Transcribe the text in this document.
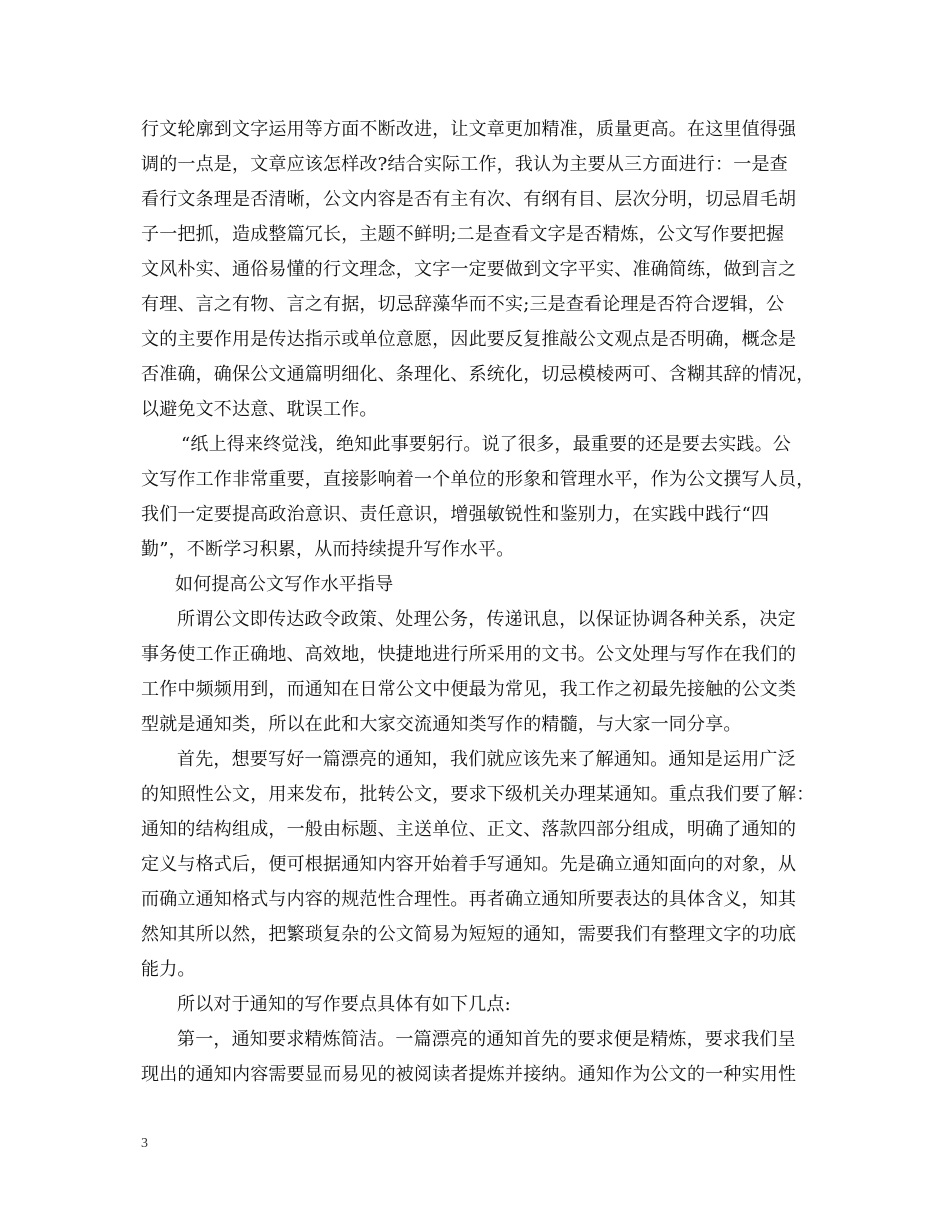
行文轮廓到文字运用等方面不断改进，让文章更加精准，质量更高。在这里值得强
调的一点是，文章应该怎样改?结合实际工作，我认为主要从三方面进行：一是查
看行文条理是否清晰，公文内容是否有主有次、有纲有目、层次分明，切忌眉毛胡
子一把抓，造成整篇冗长，主题不鲜明;二是查看文字是否精炼，公文写作要把握
文风朴实、通俗易懂的行文理念，文字一定要做到文字平实、准确简练，做到言之
有理、言之有物、言之有据，切忌辞藻华而不实;三是查看论理是否符合逻辑，公
文的主要作用是传达指示或单位意愿，因此要反复推敲公文观点是否明确，概念是
否准确，确保公文通篇明细化、条理化、系统化，切忌模棱两可、含糊其辞的情况，
以避免文不达意、耽误工作。
“纸上得来终觉浅，绝知此事要躬行。说了很多，最重要的还是要去实践。公
文写作工作非常重要，直接影响着一个单位的形象和管理水平，作为公文撰写人员，
我们一定要提高政治意识、责任意识，增强敏锐性和鉴别力，在实践中践行“四
勤”，不断学习积累，从而持续提升写作水平。
如何提高公文写作水平指导
所谓公文即传达政令政策、处理公务，传递讯息，以保证协调各种关系，决定
事务使工作正确地、高效地，快捷地进行所采用的文书。公文处理与写作在我们的
工作中频频用到，而通知在日常公文中便最为常见，我工作之初最先接触的公文类
型就是通知类，所以在此和大家交流通知类写作的精髓，与大家一同分享。
首先，想要写好一篇漂亮的通知，我们就应该先来了解通知。通知是运用广泛
的知照性公文，用来发布，批转公文，要求下级机关办理某通知。重点我们要了解：
通知的结构组成，一般由标题、主送单位、正文、落款四部分组成，明确了通知的
定义与格式后，便可根据通知内容开始着手写通知。先是确立通知面向的对象，从
而确立通知格式与内容的规范性合理性。再者确立通知所要表达的具体含义，知其
然知其所以然，把繁琐复杂的公文简易为短短的通知，需要我们有整理文字的功底
能力。
所以对于通知的写作要点具体有如下几点:
第一，通知要求精炼简洁。一篇漂亮的通知首先的要求便是精炼，要求我们呈
现出的通知内容需要显而易见的被阅读者提炼并接纳。通知作为公文的一种实用性
3
